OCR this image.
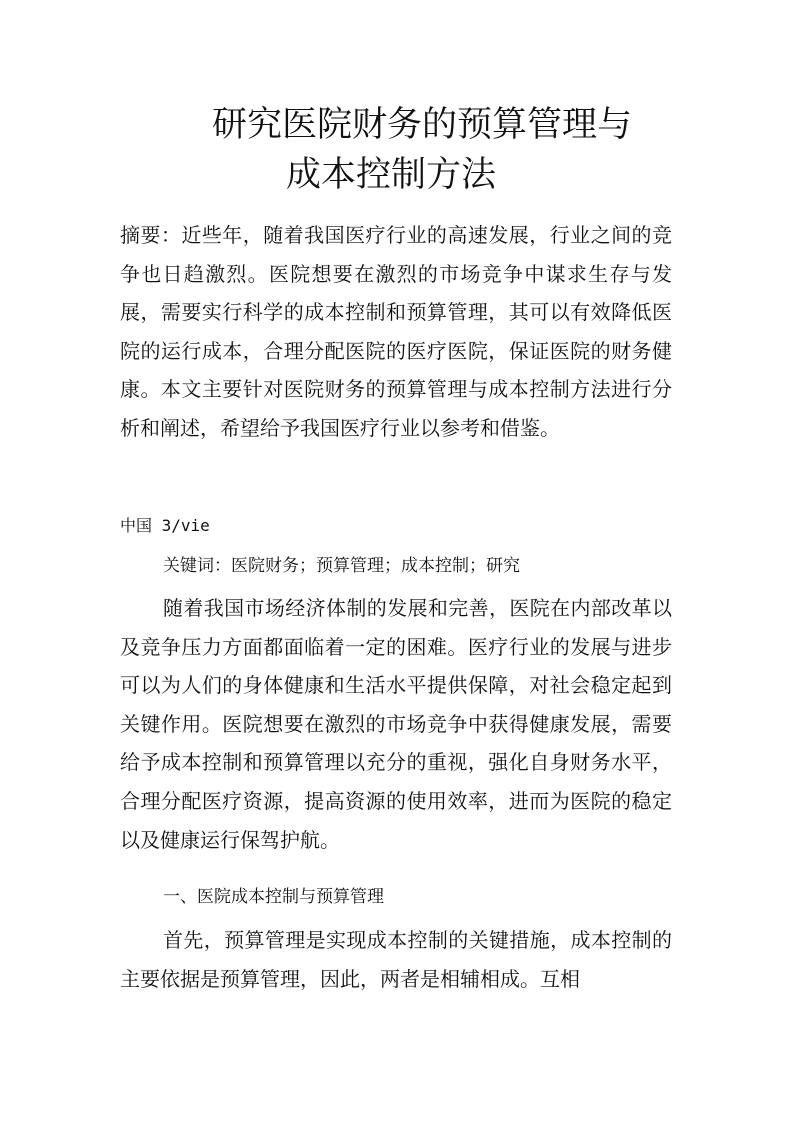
研究医院财务的预算管理与
成本控制方法

摘要：近些年，随着我国医疗行业的高速发展，行业之间的竞争也日趋激烈。医院想要在激烈的市场竞争中谋求生存与发展，需要实行科学的成本控制和预算管理，其可以有效降低医院的运行成本，合理分配医院的医疗医院，保证医院的财务健康。本文主要针对医院财务的预算管理与成本控制方法进行分析和阐述，希望给予我国医疗行业以参考和借鉴。

中国 3/vie
关键词：医院财务；预算管理；成本控制；研究

随着我国市场经济体制的发展和完善，医院在内部改革以及竞争压力方面都面临着一定的困难。医疗行业的发展与进步可以为人们的身体健康和生活水平提供保障，对社会稳定起到关键作用。医院想要在激烈的市场竞争中获得健康发展，需要给予成本控制和预算管理以充分的重视，强化自身财务水平，合理分配医疗资源，提高资源的使用效率，进而为医院的稳定以及健康运行保驾护航。

一、医院成本控制与预算管理

首先，预算管理是实现成本控制的关键措施，成本控制的主要依据是预算管理，因此，两者是相辅相成。互相
